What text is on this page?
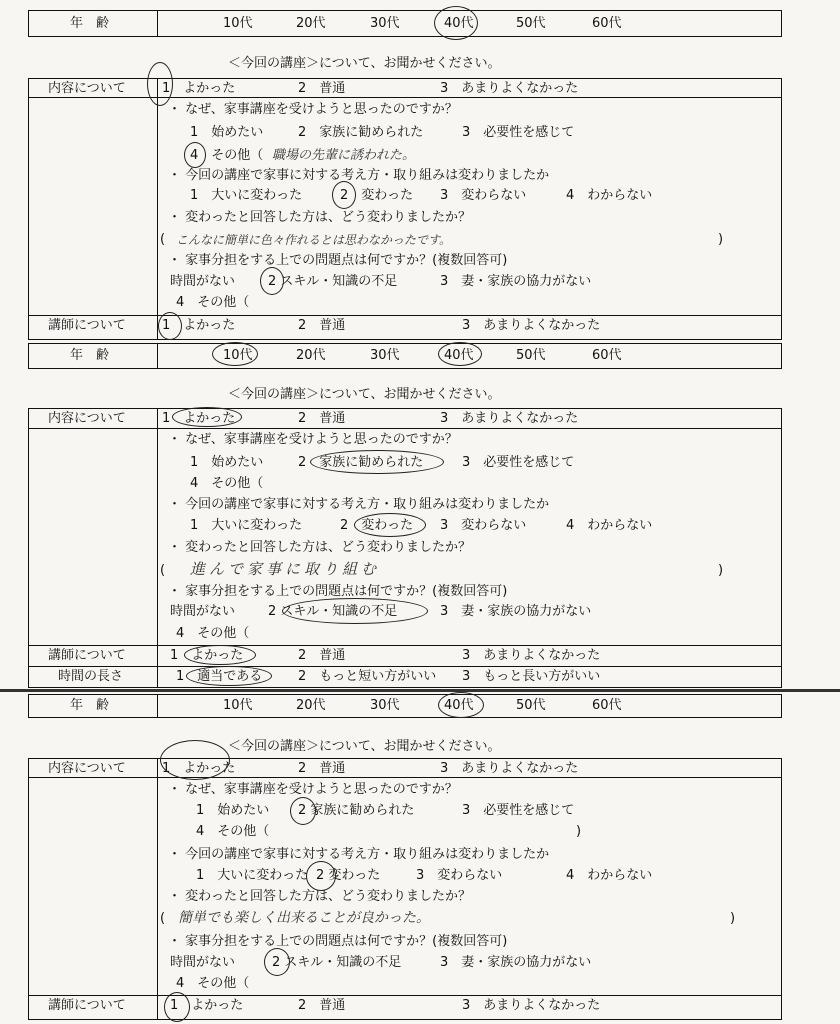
年　齢	10代	20代	30代	40代	50代	60代
＜今回の講座＞について、お聞かせください。
内容について	1　よかった	2　普通	3　あまりよくなかった
・ なぜ、家事講座を受けようと思ったのですか？
1　始めたい	2　家族に勧められた	3　必要性を感じて
4　その他（ 職場の先輩に誘われた。
・ 今回の講座で家事に対する考え方・取り組みは変わりましたか
1　大いに変わった	2　変わった 3　変わらない	4　わからない
・ 変わったと回答した方は、どう変わりましたか？
( こんなに簡単に色々作れるとは思わなかったです。	)
・ 家事分担をする上での問題点は何ですか？(複数回答可)
時間がない	2 スキル・知識の不足	3　妻・家族の協力がない
4　その他（
講師について	1　よかった	2　普通	3　あまりよくなかった
年　齢	10代	20代	30代	40代	50代	60代
＜今回の講座＞について、お聞かせください。
内容について	1　よかった	2　普通	3　あまりよくなかった
・ なぜ、家事講座を受けようと思ったのですか？
1　始めたい	2　家族に勧められた	3　必要性を感じて
4　その他（
・ 今回の講座で家事に対する考え方・取り組みは変わりましたか
1　大いに変わった	2　変わった 3　変わらない	4　わからない
・ 変わったと回答した方は、どう変わりましたか？
( 進んで家事に取り組む	)
・ 家事分担をする上での問題点は何ですか？(複数回答可)
時間がない	2 スキル・知識の不足	3　妻・家族の協力がない
4　その他（
講師について	1　よかった	2　普通	3　あまりよくなかった
時間の長さ	1　適当である	2　もっと短い方がいい 3　もっと長い方がいい
年　齢	10代	20代	30代	40代	50代	60代
＜今回の講座＞について、お聞かせください。
内容について	1　よかった	2　普通	3　あまりよくなかった
・ なぜ、家事講座を受けようと思ったのですか？
1　始めたい 2 家族に勧められた	3　必要性を感じて
4　その他（	)
・ 今回の講座で家事に対する考え方・取り組みは変わりましたか
1　大いに変わった 2 変わった	3　変わらない	4　わからない
・ 変わったと回答した方は、どう変わりましたか？
( 簡単でも楽しく出来ることが良かった。	)
・ 家事分担をする上での問題点は何ですか？(複数回答可)
時間がない	2 スキル・知識の不足	3　妻・家族の協力がない
4　その他（
講師について	1　よかった	2　普通	3　あまりよくなかった
